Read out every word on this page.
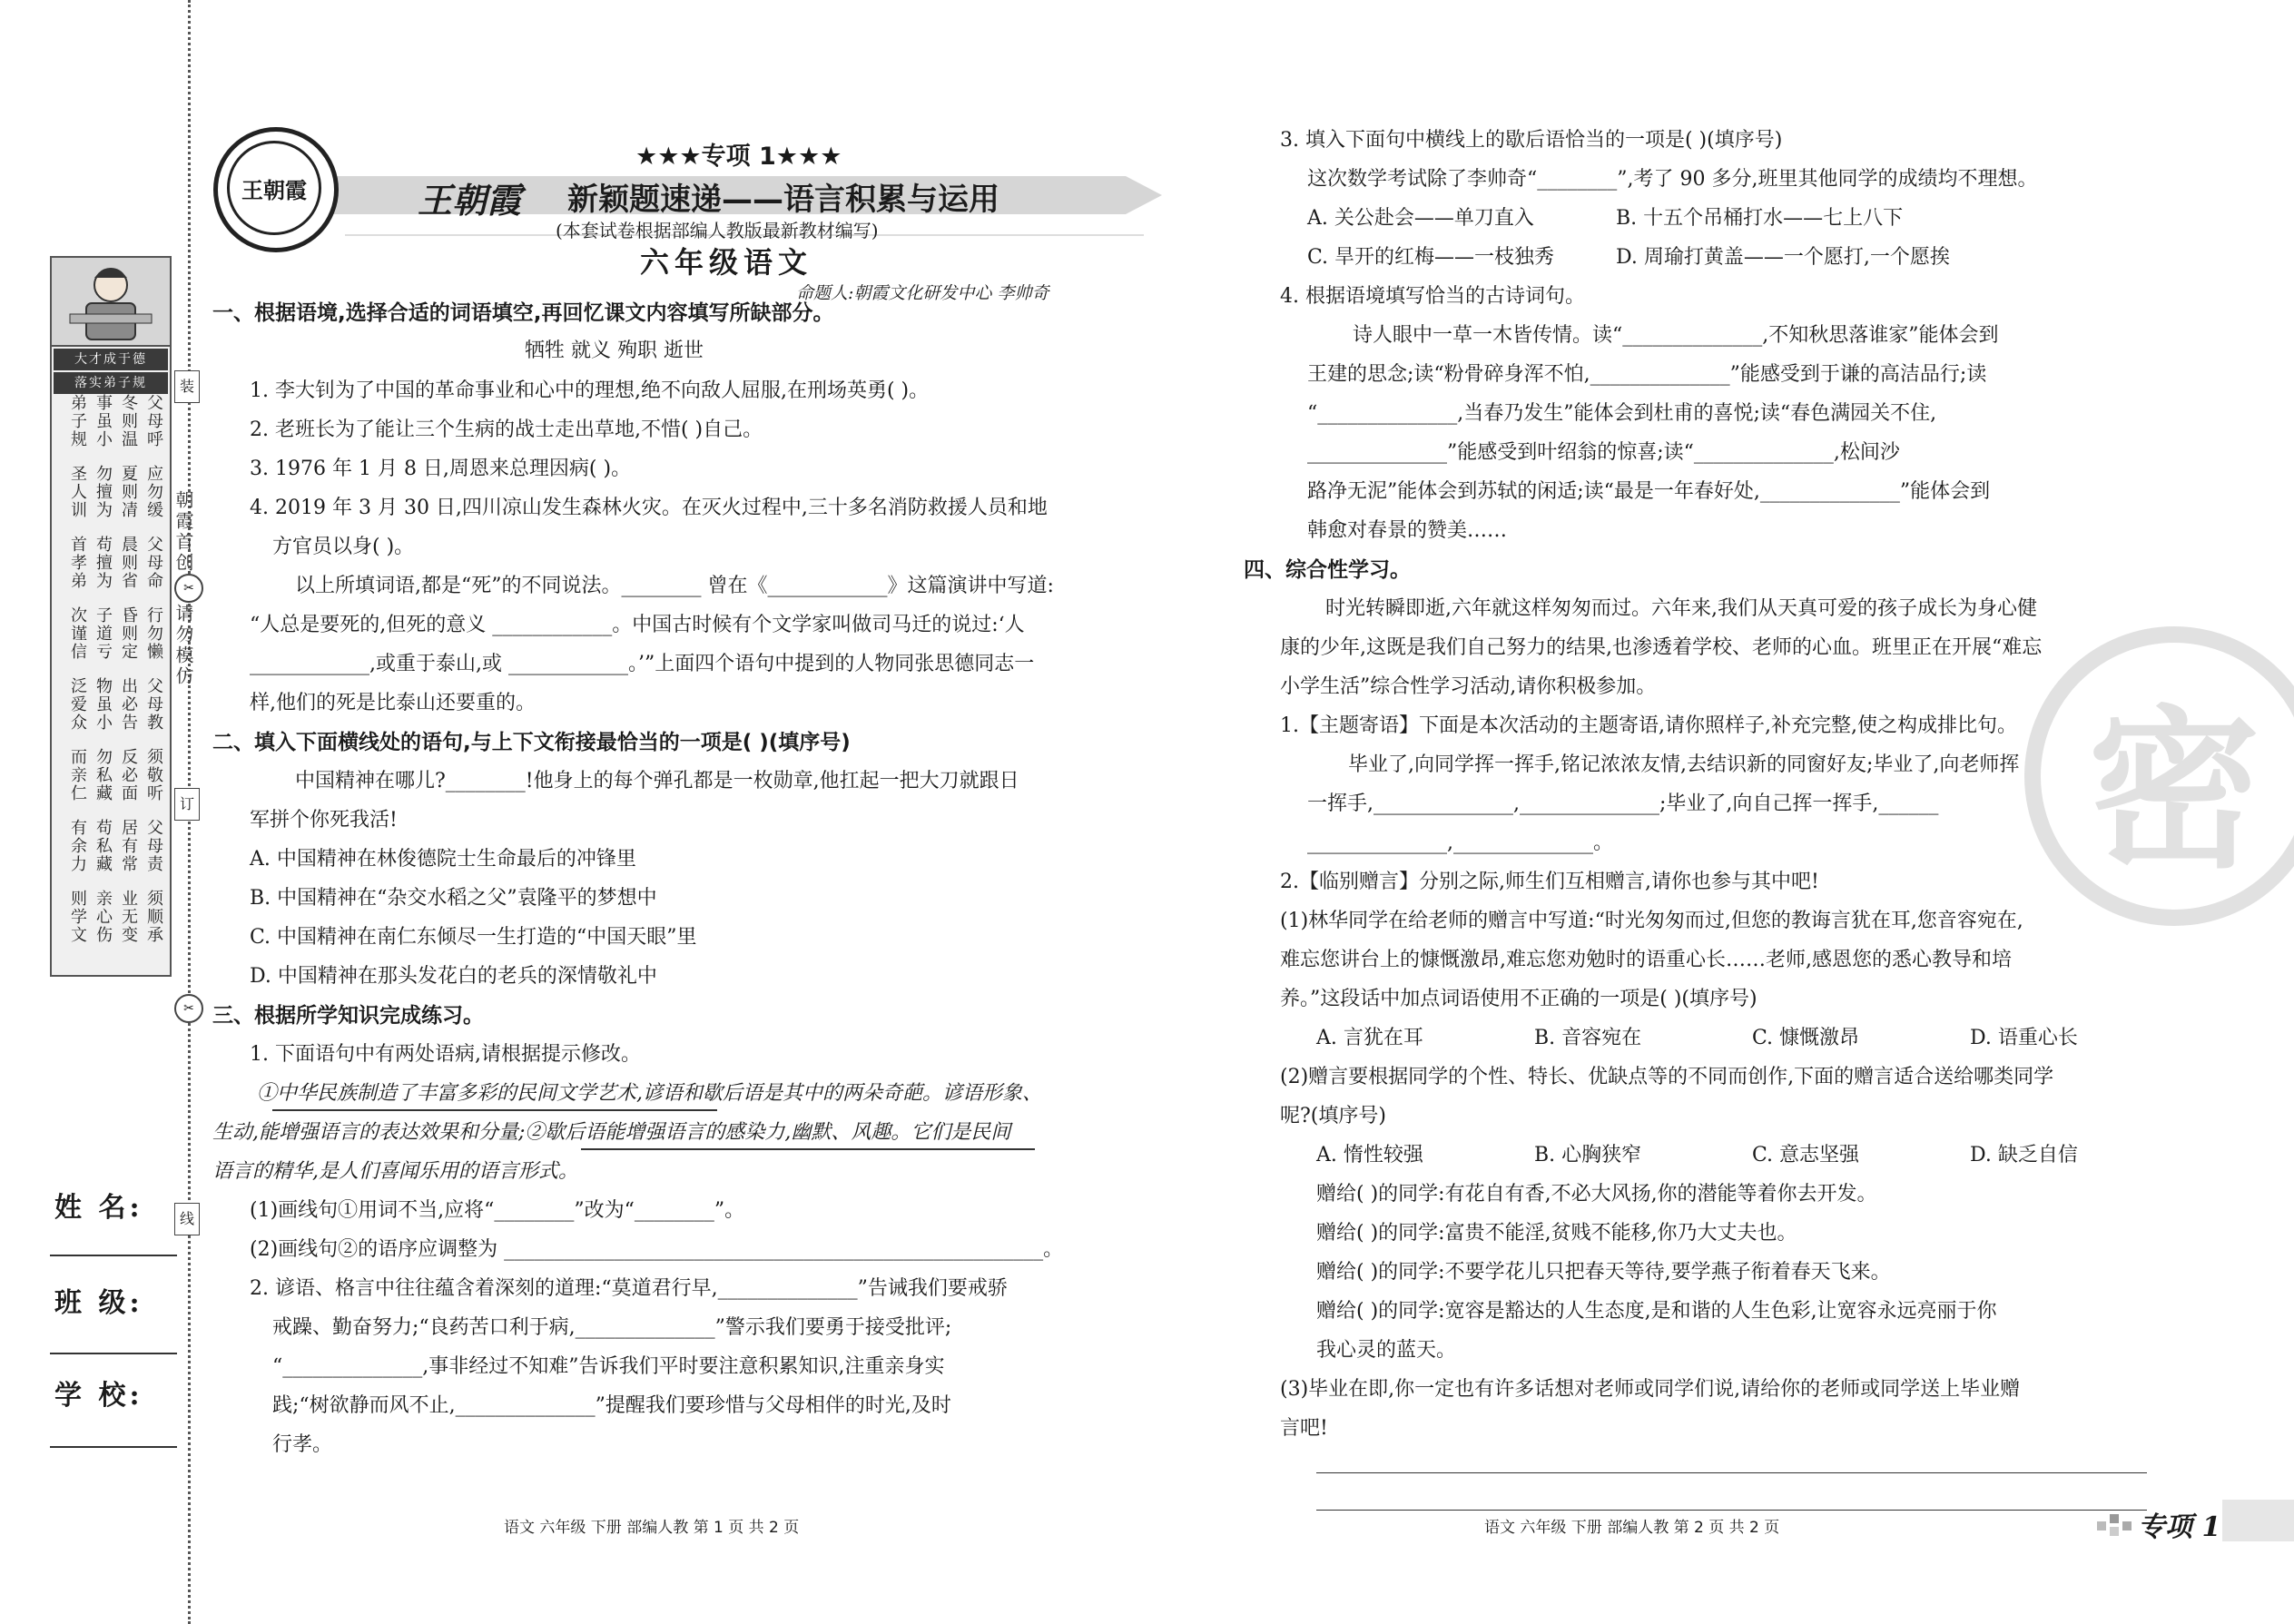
大才成于德
落实弟子规
父母呼
应勿缓
父母命
行勿懒
父母教
须敬听
父母责
须顺承
冬则温
夏则凊
晨则省
昏则定
出必告
反必面
居有常
业无变
事虽小
勿擅为
苟擅为
子道亏
物虽小
勿私藏
苟私藏
亲心伤
弟子规
圣人训
首孝弟
次谨信
泛爱众
而亲仁
有余力
则学文
朝霞首创
请勿模仿
装
✂
订
✂
线
姓 名:
班 级:
学 校:
★★★专项 1★★★
王朝霞 新颖题速递——语言积累与运用
王朝霞
(本套试卷根据部编人教版最新教材编写)
六年级语文
命题人:朝霞文化研发中心 李帅奇
一、根据语境,选择合适的词语填空,再回忆课文内容填写所缺部分。
牺牲 就义 殉职 逝世
1. 李大钊为了中国的革命事业和心中的理想,绝不向敌人屈服,在刑场英勇( )。
2. 老班长为了能让三个生病的战士走出草地,不惜( )自己。
3. 1976 年 1 月 8 日,周恩来总理因病( )。
4. 2019 年 3 月 30 日,四川凉山发生森林火灾。在灭火过程中,三十多名消防救援人员和地
方官员以身( )。
以上所填词语,都是“死”的不同说法。________ 曾在《____________》这篇演讲中写道:
“人总是要死的,但死的意义 ____________。中国古时候有个文学家叫做司马迁的说过:‘人
____________,或重于泰山,或 ____________。’”上面四个语句中提到的人物同张思德同志一
样,他们的死是比泰山还要重的。
二、填入下面横线处的语句,与上下文衔接最恰当的一项是( )(填序号)
中国精神在哪儿?________!他身上的每个弹孔都是一枚勋章,他扛起一把大刀就跟日
军拼个你死我活!
A. 中国精神在林俊德院士生命最后的冲锋里
B. 中国精神在“杂交水稻之父”袁隆平的梦想中
C. 中国精神在南仁东倾尽一生打造的“中国天眼”里
D. 中国精神在那头发花白的老兵的深情敬礼中
三、根据所学知识完成练习。
1. 下面语句中有两处语病,请根据提示修改。
①中华民族制造了丰富多彩的民间文学艺术,谚语和歇后语是其中的两朵奇葩。谚语形象、
生动,能增强语言的表达效果和分量;②歇后语能增强语言的感染力,幽默、风趣。它们是民间
语言的精华,是人们喜闻乐用的语言形式。
(1)画线句①用词不当,应将“________”改为“________”。
(2)画线句②的语序应调整为 ______________________________________________________。
2. 谚语、格言中往往蕴含着深刻的道理:“莫道君行早,______________”告诫我们要戒骄
戒躁、勤奋努力;“良药苦口利于病,______________”警示我们要勇于接受批评;
“______________,事非经过不知难”告诉我们平时要注意积累知识,注重亲身实
践;“树欲静而风不止,______________”提醒我们要珍惜与父母相伴的时光,及时
行孝。
语文 六年级 下册 部编人教 第 1 页 共 2 页
密
3. 填入下面句中横线上的歇后语恰当的一项是( )(填序号)
这次数学考试除了李帅奇“________”,考了 90 多分,班里其他同学的成绩均不理想。
A. 关公赴会——单刀直入	B. 十五个吊桶打水——七上八下
C. 旱开的红梅——一枝独秀	D. 周瑜打黄盖——一个愿打,一个愿挨
4. 根据语境填写恰当的古诗词句。
诗人眼中一草一木皆传情。读“______________,不知秋思落谁家”能体会到
王建的思念;读“粉骨碎身浑不怕,______________”能感受到于谦的高洁品行;读
“______________,当春乃发生”能体会到杜甫的喜悦;读“春色满园关不住,
______________”能感受到叶绍翁的惊喜;读“______________,松间沙
路净无泥”能体会到苏轼的闲适;读“最是一年春好处,______________”能体会到
韩愈对春景的赞美……
四、综合性学习。
时光转瞬即逝,六年就这样匆匆而过。六年来,我们从天真可爱的孩子成长为身心健
康的少年,这既是我们自己努力的结果,也渗透着学校、老师的心血。班里正在开展“难忘
小学生活”综合性学习活动,请你积极参加。
1.【主题寄语】下面是本次活动的主题寄语,请你照样子,补充完整,使之构成排比句。
毕业了,向同学挥一挥手,铭记浓浓友情,去结识新的同窗好友;毕业了,向老师挥
一挥手,______________,______________;毕业了,向自己挥一挥手,______
______________,______________。
2.【临别赠言】分别之际,师生们互相赠言,请你也参与其中吧!
(1)林华同学在给老师的赠言中写道:“时光匆匆而过,但您的教诲言犹在耳,您音容宛在,
难忘您讲台上的慷慨激昂,难忘您劝勉时的语重心长……老师,感恩您的悉心教导和培
养。”这段话中加点词语使用不正确的一项是( )(填序号)
A. 言犹在耳	B. 音容宛在	C. 慷慨激昂	D. 语重心长
(2)赠言要根据同学的个性、特长、优缺点等的不同而创作,下面的赠言适合送给哪类同学
呢?(填序号)
A. 惰性较强	B. 心胸狭窄	C. 意志坚强	D. 缺乏自信
赠给( )的同学:有花自有香,不必大风扬,你的潜能等着你去开发。
赠给( )的同学:富贵不能淫,贫贱不能移,你乃大丈夫也。
赠给( )的同学:不要学花儿只把春天等待,要学燕子衔着春天飞来。
赠给( )的同学:宽容是豁达的人生态度,是和谐的人生色彩,让宽容永远亮丽于你
我心灵的蓝天。
(3)毕业在即,你一定也有许多话想对老师或同学们说,请给你的老师或同学送上毕业赠
言吧!
语文 六年级 下册 部编人教 第 2 页 共 2 页	专项 1
